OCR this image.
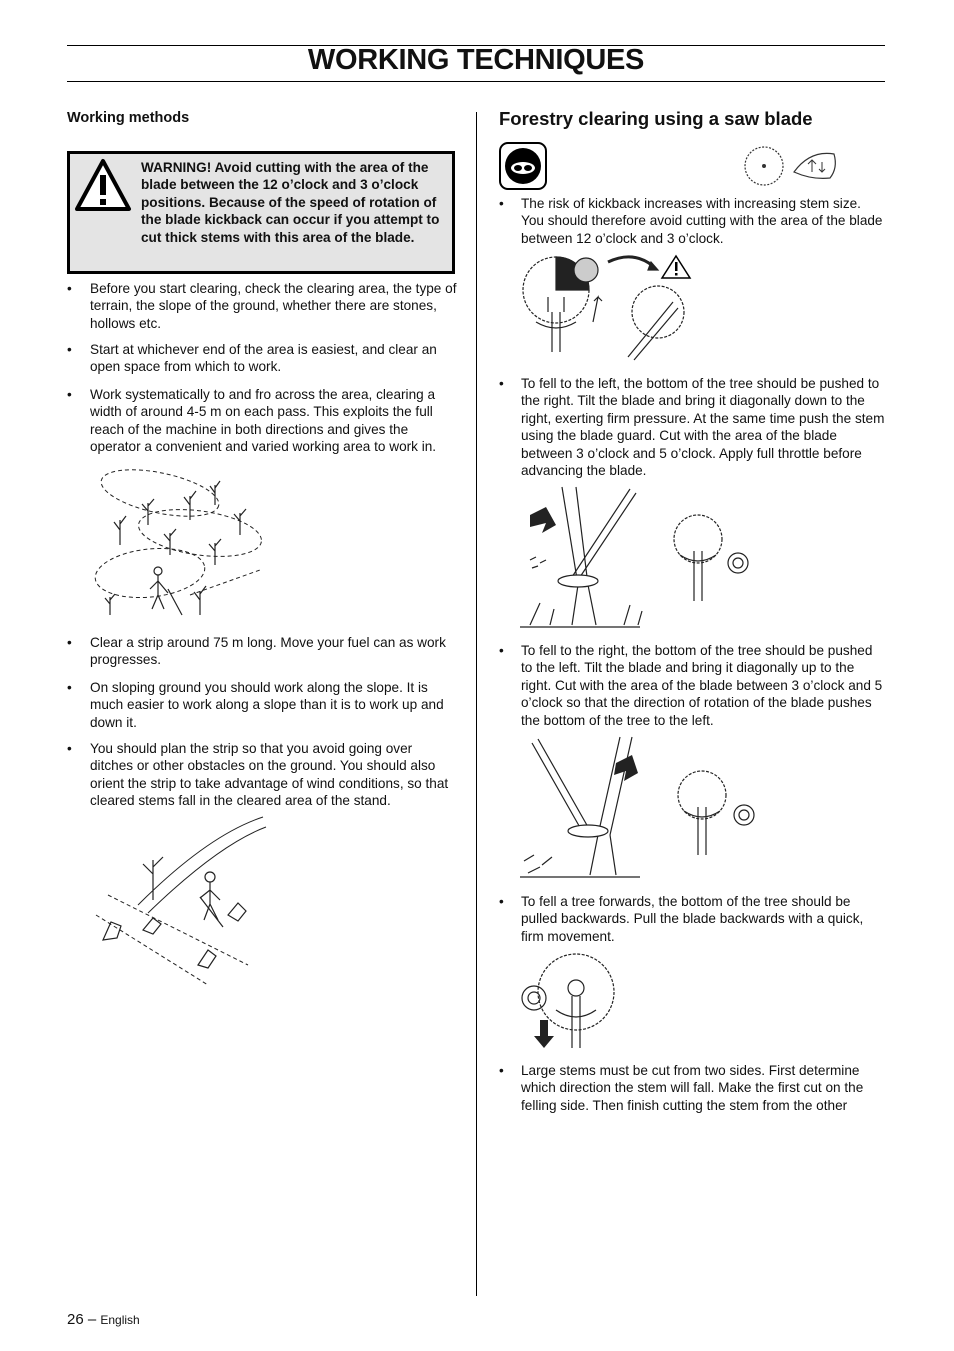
WORKING TECHNIQUES
Working methods
WARNING! Avoid cutting with the area of the blade between the 12 o’clock and 3 o’clock positions. Because of the speed of rotation of the blade kickback can occur if you attempt to cut thick stems with this area of the blade.
• Before you start clearing, check the clearing area, the type of terrain, the slope of the ground, whether there are stones, hollows etc.
• Start at whichever end of the area is easiest, and clear an open space from which to work.
• Work systematically to and fro across the area, clearing a width of around 4-5 m on each pass. This exploits the full reach of the machine in both directions and gives the operator a convenient and varied working area to work in.
• Clear a strip around 75 m long. Move your fuel can as work progresses.
• On sloping ground you should work along the slope. It is much easier to work along a slope than it is to work up and down it.
• You should plan the strip so that you avoid going over ditches or other obstacles on the ground. You should also orient the strip to take advantage of wind conditions, so that cleared stems fall in the cleared area of the stand.
Forestry clearing using a saw blade
• The risk of kickback increases with increasing stem size. You should therefore avoid cutting with the area of the blade between 12 o’clock and 3 o’clock.
• To fell to the left, the bottom of the tree should be pushed to the right. Tilt the blade and bring it diagonally down to the right, exerting firm pressure. At the same time push the stem using the blade guard. Cut with the area of the blade between 3 o’clock and 5 o’clock. Apply full throttle before advancing the blade.
• To fell to the right, the bottom of the tree should be pushed to the left. Tilt the blade and bring it diagonally up to the right. Cut with the area of the blade between 3 o’clock and 5 o’clock so that the direction of rotation of the blade pushes the bottom of the tree to the left.
• To fell a tree forwards, the bottom of the tree should be pulled backwards. Pull the blade backwards with a quick, firm movement.
• Large stems must be cut from two sides. First determine which direction the stem will fall. Make the first cut on the felling side. Then finish cutting the stem from the other
26 – English
